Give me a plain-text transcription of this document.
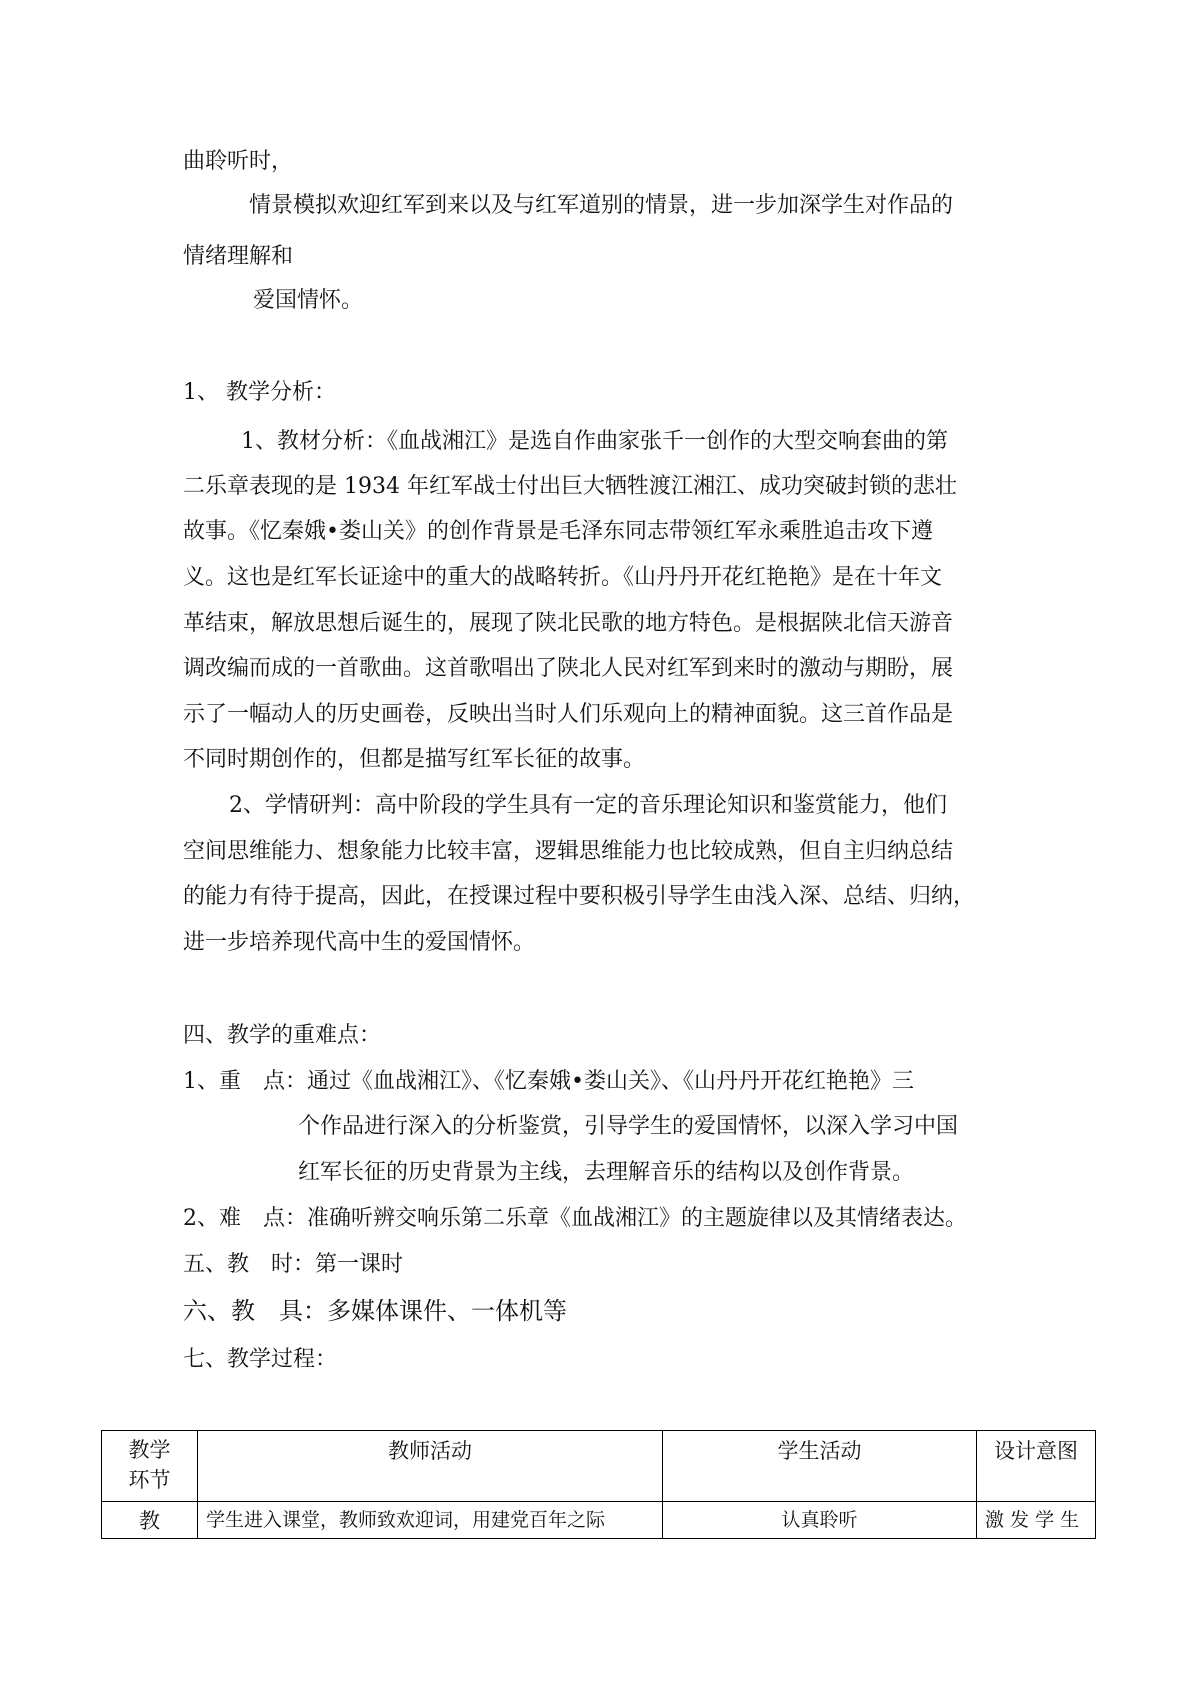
曲聆听时，
情景模拟欢迎红军到来以及与红军道别的情景，进一步加深学生对作品的
情绪理解和
爱国情怀。
1、 教学分析：
1、教材分析：《血战湘江》是选自作曲家张千一创作的大型交响套曲的第
二乐章表现的是 1934 年红军战士付出巨大牺牲渡江湘江、成功突破封锁的悲壮
故事。《忆秦娥•娄山关》的创作背景是毛泽东同志带领红军永乘胜追击攻下遵
义。这也是红军长证途中的重大的战略转折。《山丹丹开花红艳艳》是在十年文
革结束，解放思想后诞生的，展现了陕北民歌的地方特色。是根据陕北信天游音
调改编而成的一首歌曲。这首歌唱出了陕北人民对红军到来时的激动与期盼，展
示了一幅动人的历史画卷，反映出当时人们乐观向上的精神面貌。这三首作品是
不同时期创作的，但都是描写红军长征的故事。
2、学情研判：高中阶段的学生具有一定的音乐理论知识和鉴赏能力，他们
空间思维能力、想象能力比较丰富，逻辑思维能力也比较成熟，但自主归纳总结
的能力有待于提高，因此，在授课过程中要积极引导学生由浅入深、总结、归纳，
进一步培养现代高中生的爱国情怀。
四、教学的重难点：
1、重　点：通过《血战湘江》、《忆秦娥•娄山关》、《山丹丹开花红艳艳》三
个作品进行深入的分析鉴赏，引导学生的爱国情怀，以深入学习中国
红军长征的历史背景为主线，去理解音乐的结构以及创作背景。
2、难　点：准确听辨交响乐第二乐章《血战湘江》的主题旋律以及其情绪表达。
五、教　时：第一课时
六、教　具：多媒体课件、一体机等
七、教学过程：
教学
环节	教师活动	学生活动	设计意图

教	学生进入课堂，教师致欢迎词，用建党百年之际	认真聆听	激 发 学 生
